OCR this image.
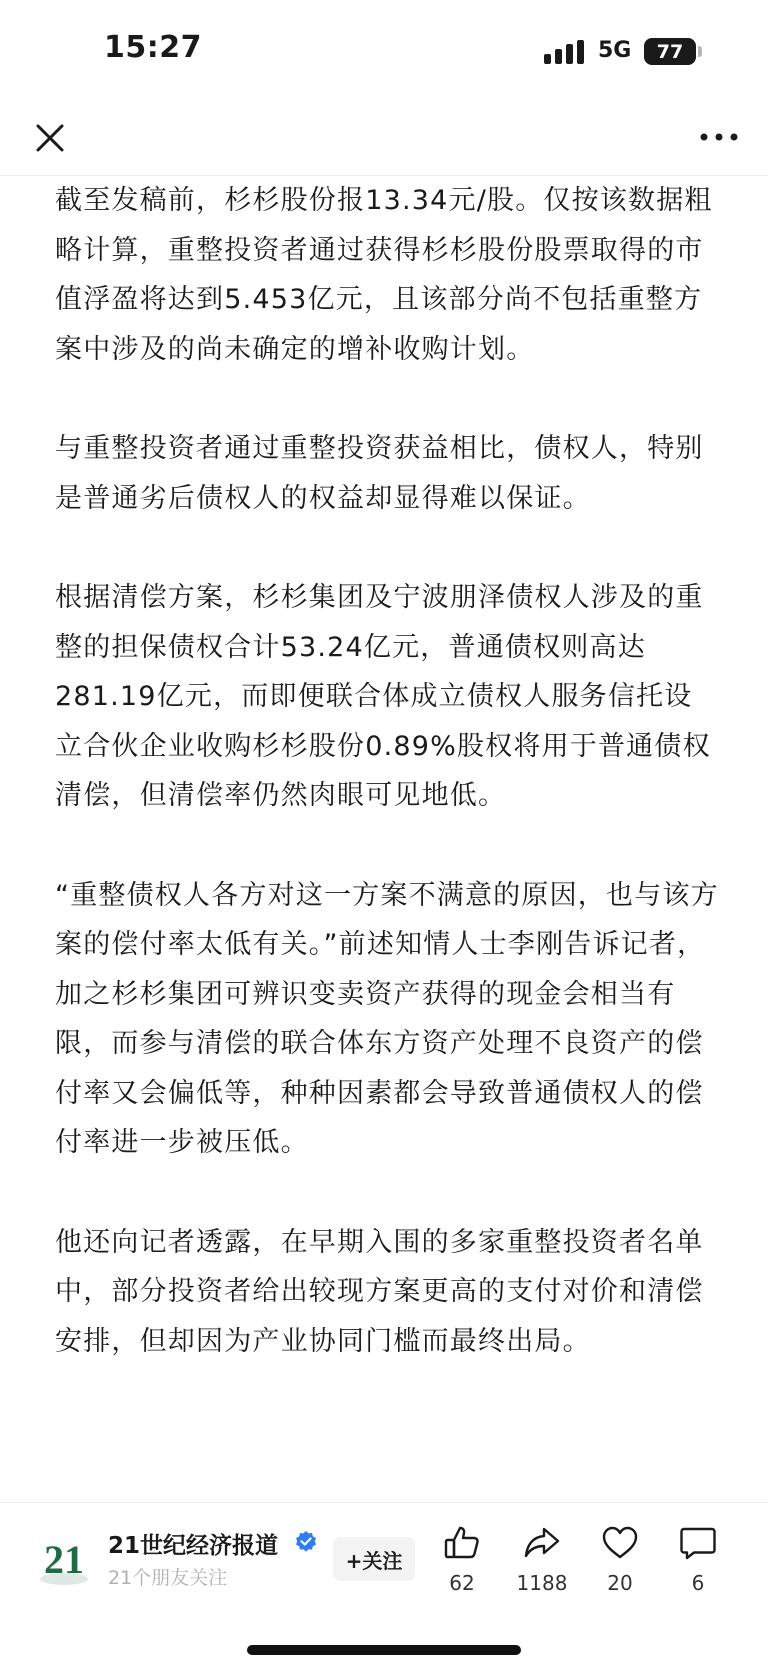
15:27	5G 77

截至发稿前，杉杉股份报13.34元/股。仅按该数据粗略计算，重整投资者通过获得杉杉股份股票取得的市值浮盈将达到5.453亿元，且该部分尚不包括重整方案中涉及的尚未确定的增补收购计划。

与重整投资者通过重整投资获益相比，债权人，特别是普通劣后债权人的权益却显得难以保证。

根据清偿方案，杉杉集团及宁波朋泽债权人涉及的重整的担保债权合计53.24亿元，普通债权则高达281.19亿元，而即便联合体成立债权人服务信托设立合伙企业收购杉杉股份0.89%股权将用于普通债权清偿，但清偿率仍然肉眼可见地低。

“重整债权人各方对这一方案不满意的原因，也与该方案的偿付率太低有关。”前述知情人士李刚告诉记者，加之杉杉集团可辨识变卖资产获得的现金会相当有限，而参与清偿的联合体东方资产处理不良资产的偿付率又会偏低等，种种因素都会导致普通债权人的偿付率进一步被压低。

他还向记者透露，在早期入围的多家重整投资者名单中，部分投资者给出较现方案更高的支付对价和清偿安排，但却因为产业协同门槛而最终出局。

21 21世纪经济报道
21个朋友关注
+关注
62	1188	20	6
